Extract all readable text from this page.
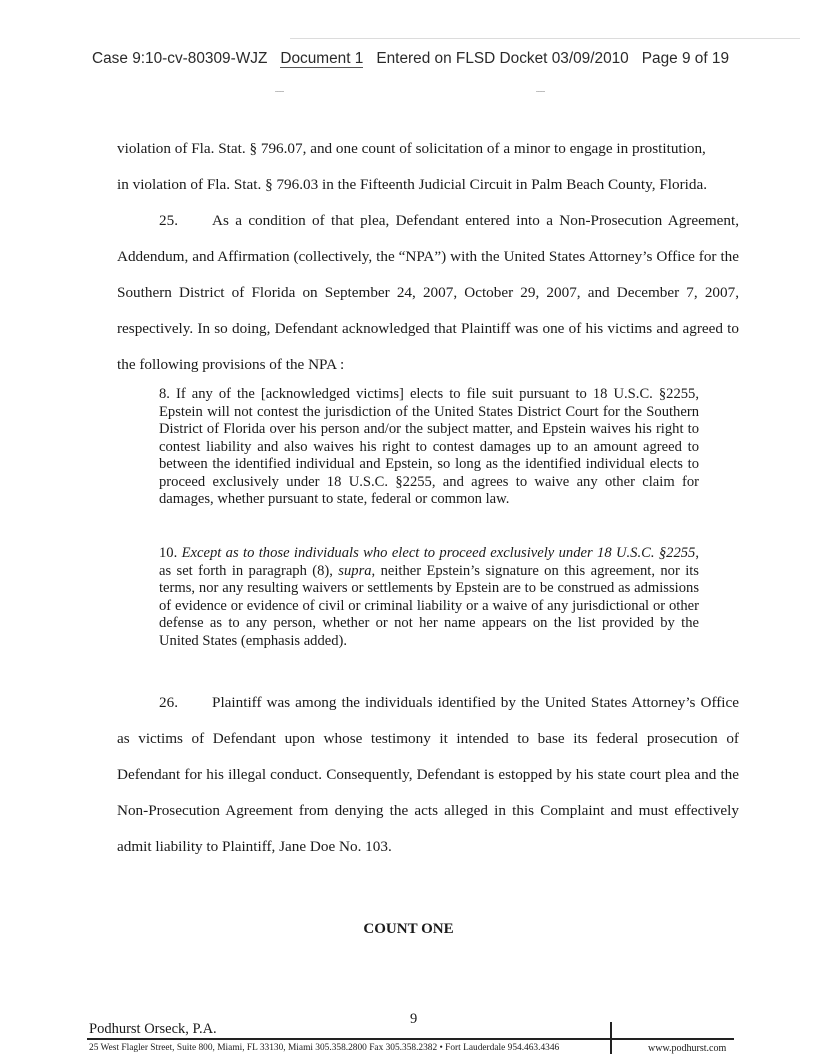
﹏	﹏
Case 9:10-cv-80309-WJZ Document 1 Entered on FLSD Docket 03/09/2010 Page 9 of 19
violation of Fla. Stat. § 796.07, and one count of solicitation of a minor to engage in prostitution,
in violation of Fla. Stat. § 796.03 in the Fifteenth Judicial Circuit in Palm Beach County, Florida.
25. As a condition of that plea, Defendant entered into a Non-Prosecution Agreement, Addendum, and Affirmation (collectively, the “NPA”) with the United States Attorney’s Office for the Southern District of Florida on September 24, 2007, October 29, 2007, and December 7, 2007, respectively. In so doing, Defendant acknowledged that Plaintiff was one of his victims and agreed to the following provisions of the NPA :
8. If any of the [acknowledged victims] elects to file suit pursuant to 18 U.S.C. §2255, Epstein will not contest the jurisdiction of the United States District Court for the Southern District of Florida over his person and/or the subject matter, and Epstein waives his right to contest liability and also waives his right to contest damages up to an amount agreed to between the identified individual and Epstein, so long as the identified individual elects to proceed exclusively under 18 U.S.C. §2255, and agrees to waive any other claim for damages, whether pursuant to state, federal or common law.
10. Except as to those individuals who elect to proceed exclusively under 18 U.S.C. §2255, as set forth in paragraph (8), supra, neither Epstein’s signature on this agreement, nor its terms, nor any resulting waivers or settlements by Epstein are to be construed as admissions of evidence or evidence of civil or criminal liability or a waive of any jurisdictional or other defense as to any person, whether or not her name appears on the list provided by the United States (emphasis added).
26. Plaintiff was among the individuals identified by the United States Attorney’s Office as victims of Defendant upon whose testimony it intended to base its federal prosecution of Defendant for his illegal conduct. Consequently, Defendant is estopped by his state court plea and the Non-Prosecution Agreement from denying the acts alleged in this Complaint and must effectively admit liability to Plaintiff, Jane Doe No. 103.
COUNT ONE
Podhurst Orseck, P.A.
9
25 West Flagler Street, Suite 800, Miami, FL 33130, Miami 305.358.2800 Fax 305.358.2382 • Fort Lauderdale 954.463.4346	www.podhurst.com
